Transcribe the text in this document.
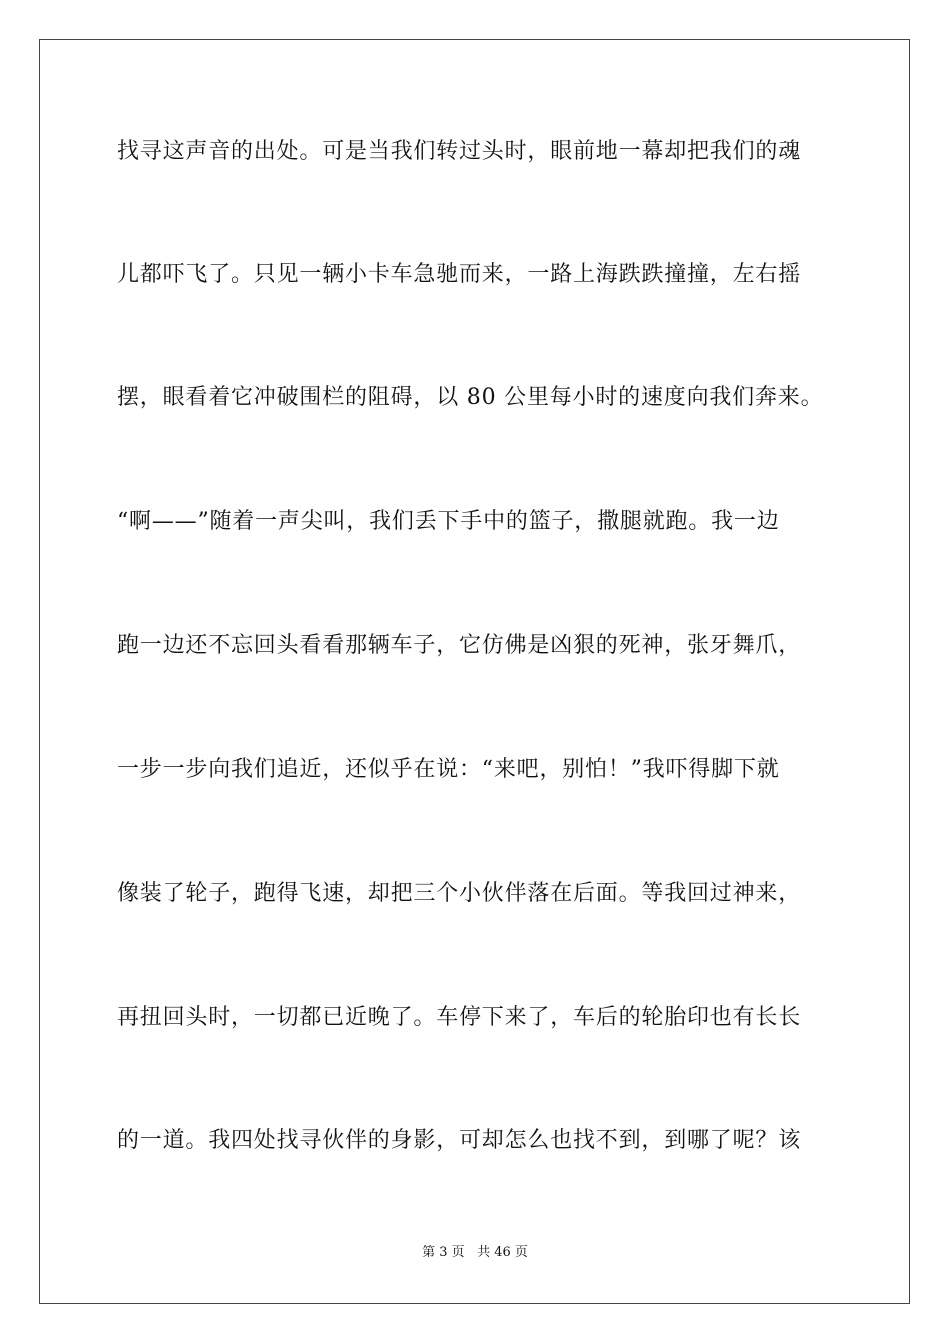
找寻这声音的出处。可是当我们转过头时，眼前地一幕却把我们的魂
儿都吓飞了。只见一辆小卡车急驰而来，一路上海跌跌撞撞，左右摇
摆，眼看着它冲破围栏的阻碍，以 80 公里每小时的速度向我们奔来。
“啊——”随着一声尖叫，我们丢下手中的篮子，撒腿就跑。我一边
跑一边还不忘回头看看那辆车子，它仿佛是凶狠的死神，张牙舞爪，
一步一步向我们追近，还似乎在说：“来吧，别怕！”我吓得脚下就
像装了轮子，跑得飞速，却把三个小伙伴落在后面。等我回过神来，
再扭回头时，一切都已近晚了。车停下来了，车后的轮胎印也有长长
的一道。我四处找寻伙伴的身影，可却怎么也找不到，到哪了呢？该
第 3 页 共 46 页
